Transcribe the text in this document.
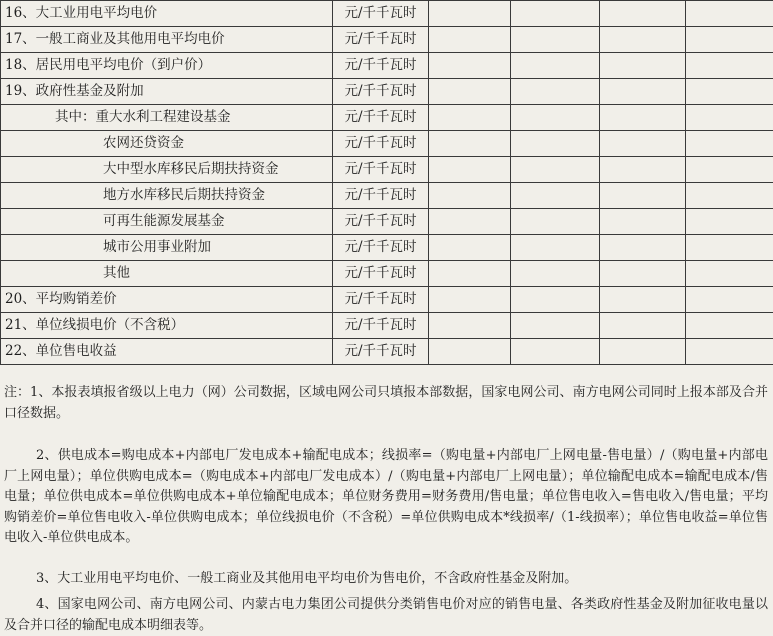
16、大工业用电平均电价	元/千千瓦时				
17、一般工商业及其他用电平均电价	元/千千瓦时				
18、居民用电平均电价（到户价）	元/千千瓦时				
19、政府性基金及附加	元/千千瓦时				
其中：重大水利工程建设基金	元/千千瓦时				
农网还贷资金	元/千千瓦时				
大中型水库移民后期扶持资金	元/千千瓦时				
地方水库移民后期扶持资金	元/千千瓦时				
可再生能源发展基金	元/千千瓦时				
城市公用事业附加	元/千千瓦时				
其他	元/千千瓦时				
20、平均购销差价	元/千千瓦时				
21、单位线损电价（不含税）	元/千千瓦时				
22、单位售电收益	元/千千瓦时				

注：1、本报表填报省级以上电力（网）公司数据，区域电网公司只填报本部数据，国家电网公司、南方电网公司同时上报本部及合并口径数据。

2、供电成本=购电成本+内部电厂发电成本+输配电成本；线损率=（购电量+内部电厂上网电量-售电量）/（购电量+内部电厂上网电量）；单位供购电成本=（购电成本+内部电厂发电成本）/（购电量+内部电厂上网电量）；单位输配电成本=输配电成本/售电量；单位供电成本=单位供购电成本+单位输配电成本；单位财务费用=财务费用/售电量；单位售电收入=售电收入/售电量；平均购销差价=单位售电收入-单位供购电成本；单位线损电价（不含税）=单位供购电成本*线损率/（1-线损率）；单位售电收益=单位售电收入-单位供电成本。

3、大工业用电平均电价、一般工商业及其他用电平均电价为售电价，不含政府性基金及附加。

4、国家电网公司、南方电网公司、内蒙古电力集团公司提供分类销售电价对应的销售电量、各类政府性基金及附加征收电量以及合并口径的输配电成本明细表等。
